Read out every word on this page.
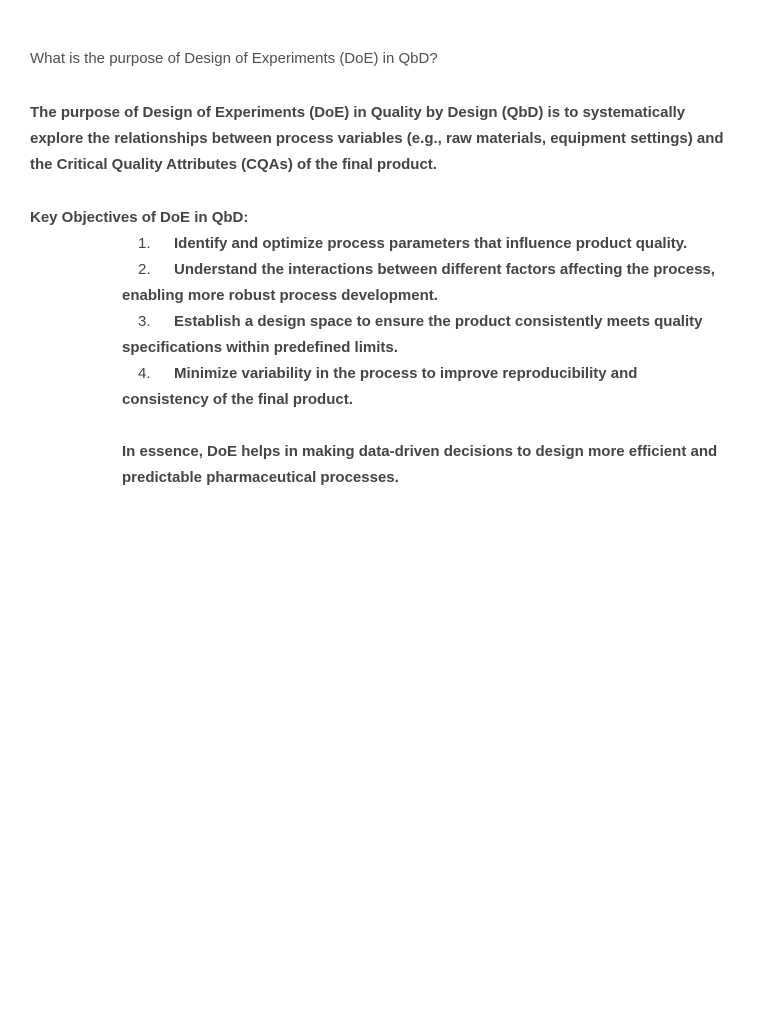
What is the purpose of Design of Experiments (DoE) in QbD?

The purpose of Design of Experiments (DoE) in Quality by Design (QbD) is to systematically explore the relationships between process variables (e.g., raw materials, equipment settings) and the Critical Quality Attributes (CQAs) of the final product.

Key Objectives of DoE in QbD:

1. Identify and optimize process parameters that influence product quality.
2. Understand the interactions between different factors affecting the process, enabling more robust process development.
3. Establish a design space to ensure the product consistently meets quality specifications within predefined limits.
4. Minimize variability in the process to improve reproducibility and consistency of the final product.

In essence, DoE helps in making data-driven decisions to design more efficient and predictable pharmaceutical processes.
